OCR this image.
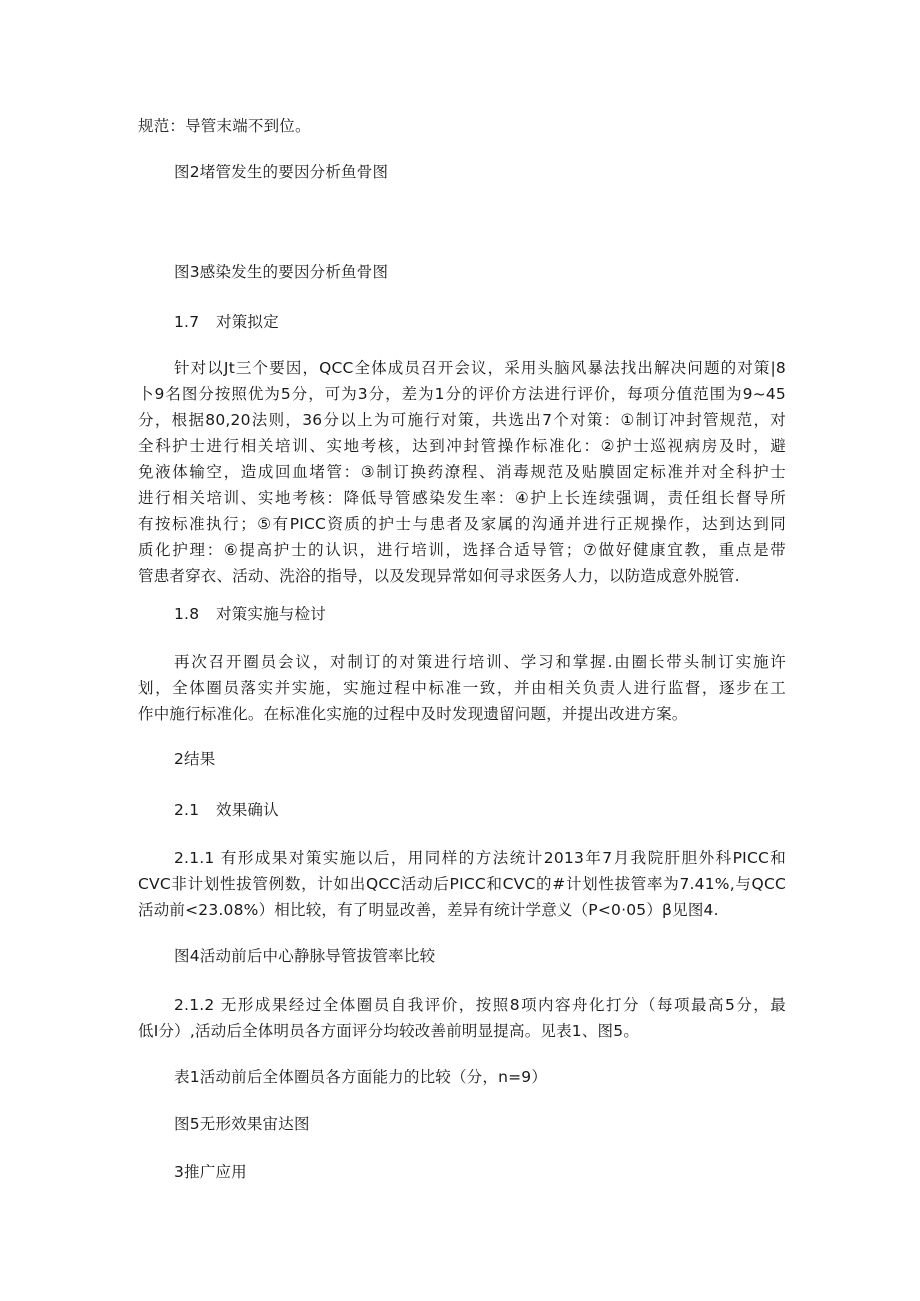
规范：导管末端不到位。
图2堵管发生的要因分析鱼骨图
图3感染发生的要因分析鱼骨图
1.7 对策拟定
针对以Jt三个要因，QCC全体成员召开会议，采用头脑风暴法找出解决问题的对策|8
卜9名图分按照优为5分，可为3分，差为1分的评价方法进行评价，每项分值范围为9~45
分，根据80,20法则，36分以上为可施行对策，共选出7个对策：①制订冲封管规范，对
全科护士进行相关培训、实地考核，达到冲封管操作标准化：②护士巡视病房及时，避
免液体输空，造成回血堵管：③制订换药潦程、消毒规范及贴膜固定标准并对全科护士
进行相关培训、实地考核：降低导管感染发生率：④护上长连续强调，责任组长督导所
有按标准执行；⑤有PICC资质的护士与患者及家属的沟通并进行正规操作，达到达到同
质化护理：⑥提高护士的认识，进行培训，选择合适导管；⑦做好健康宜教，重点是带
管患者穿衣、活动、洗浴的指导，以及发现异常如何寻求医务人力，以防造成意外脱管.
1.8 对策实施与检讨
再次召开圈员会议，对制订的对策进行培训、学习和掌握.由圈长带头制订实施许
划，全体圈员落实并实施，实施过程中标准一致，并由相关负责人进行监督，逐步在工
作中施行标准化。在标准化实施的过程中及时发现遗留问题，并提出改进方案。
2结果
2.1 效果确认
2.1.1 有形成果对策实施以后，用同样的方法统计2013年7月我院肝胆外科PICC和
CVC非计划性拔管例数，计如出QCC活动后PICC和CVC的#计划性拔管率为7.41%,与QCC
活动前<23.08%）相比较，有了明显改善，差异有统计学意义（P<0·05）β见图4.
图4活动前后中心静脉导管拔管率比较
2.1.2 无形成果经过全体圈员自我评价，按照8项内容舟化打分（每项最高5分，最
低I分）,活动后全体明员各方面评分均较改善前明显提高。见表1、图5。
表1活动前后全体圈员各方面能力的比较（分，n=9）
图5无形效果宙达图
3推广应用
